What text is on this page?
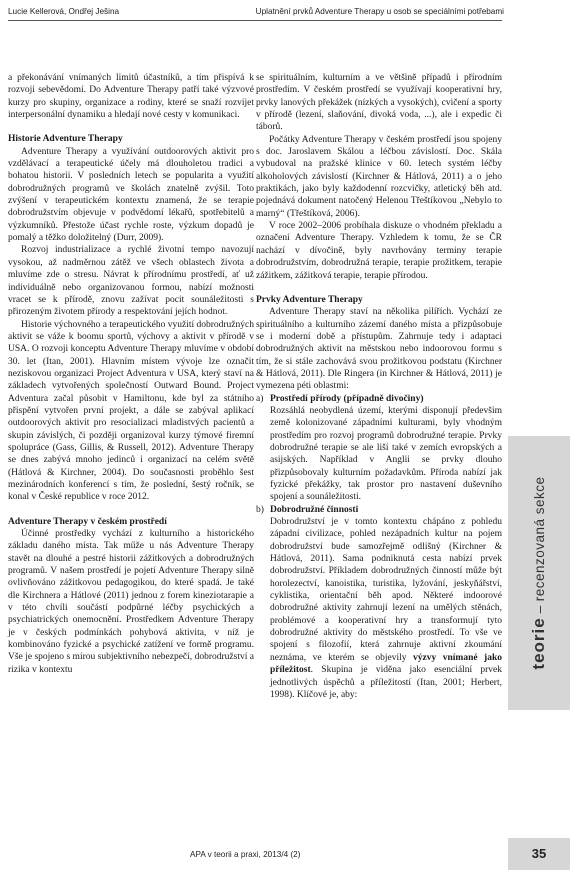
Lucie Kellerová, Ondřej Ješina	Uplatnění prvků Adventure Therapy u osob se speciálními potřebami

a překonávání vnímaných limitů účastníků, a tím přispívá k rozvoji sebevědomí. Do Adventure Therapy patří také výzvové kurzy pro skupiny, organizace a rodiny, které se snaží rozvíjet interpersonální dynamiku a hledají nové cesty v komunikaci.

Historie Adventure Therapy

Adventure Therapy a využívání outdoorových aktivit pro vzdělávací a terapeutické účely má dlouholetou tradici a bohatou historii. V posledních letech se popularita a využití dobrodružných programů ve školách znatelně zvýšil. Toto zvýšení v terapeutickém kontextu znamená, že se terapie dobrodružstvím objevuje v podvědomí lékařů, spotřebitelů a výzkumníků. Přestože účast rychle roste, výzkum dopadů je pomalý a těžko doložitelný (Durr, 2009).

Rozvoj industrializace a rychlé životní tempo navozují vysokou, až nadměrnou zátěž ve všech oblastech života a mluvíme zde o stresu. Návrat k přírodnímu prostředí, ať už individuálně nebo organizovanou formou, nabízí možnosti vracet se k přírodě, znovu zažívat pocit sounáležitosti s přirozeným životem přírody a respektování jejích hodnot.

Historie výchovného a terapeutického využití dobrodružných aktivit se váže k boomu sportů, výchovy a aktivit v přírodě v USA. O rozvoji konceptu Adventure Therapy mluvíme v období 30. let (Itan, 2001). Hlavním místem vývoje lze označit neziskovou organizaci Project Adventura v USA, který staví na základech vytvořených společností Outward Bound. Project Adventura začal působit v Hamiltonu, kde byl za státního přispění vytvořen první projekt, a dále se zabýval aplikací outdoorových aktivit pro resocializaci mladistvých pacientů a skupin závislých, či později organizoval kurzy týmové firemní spolupráce (Gass, Gillis, & Russell, 2012). Adventure Therapy se dnes zabývá mnoho jedinců i organizací na celém světě (Hátlová & Kirchner, 2004). Do současnosti proběhlo šest mezinárodních konferencí s tím, že poslední, šestý ročník, se konal v České republice v roce 2012.

Adventure Therapy v českém prostředí

Účinné prostředky vychází z kulturního a historického základu daného místa. Tak műže u nás Adventure Therapy stavět na dlouhé a pestré historii zážitkových a dobrodružných programů. V našem prostředí je pojetí Adventure Therapy silně ovlivňováno zážitkovou pedagogikou, do které spadá. Je také dle Kirchnera a Hátlové (2011) jednou z forem kineziotarapie a v této chvíli součástí podpůrné léčby psychických a psychiatrických onemocnění. Prostředkem Adventure Therapy je v českých podmínkách pohybová aktivita, v níž je kombinováno fyzické a psychické zatížení ve formě programu. Vše je spojeno s mírou subjektivního nebezpečí, dobrodružství a rizika v kontextu

se spirituálním, kulturním a ve většině případů i přírodním prostředím. V českém prostředí se využívají kooperativní hry, prvky lanových překážek (nízkých a vysokých), cvičení a sporty v přírodě (lezení, slaňování, divoká voda, ...), ale i expedic či táborů.

Počátky Adventure Therapy v českém prostředí jsou spojeny s doc. Jaroslavem Skálou a léčbou závislostí. Doc. Skála vybudoval na pražské klinice v 60. letech systém léčby alkoholových závislostí (Kirchner & Hátlová, 2011) a o jeho praktikách, jako byly každodenní rozcvičky, atletický běh atd. pojednává dokument natočený Helenou Třeštíkovou „Nebylo to marný“ (Třeštíková, 2006).

V roce 2002–2006 probíhala diskuze o vhodném překladu a označení Adventure Therapy. Vzhledem k tomu, že se ČR nachází v dívočině, byly navrhovány terminy terapie dobrodružstvím, dobrodružná terapie, terapie prožitkem, terapie zážitkem, zážitková terapie, terapie přírodou.

Prvky Adventure Therapy

Adventure Therapy staví na několika pilířích. Vychází ze spirituálního a kulturního zázemí daného místa a přizpůsobuje se i moderní době a přístupům. Zahrnuje tedy i adaptaci dobrodružných aktivit na městskou nebo indoorovou formu s tím, že si stále zachovává svou prožitkovou podstatu (Kirchner & Hátlová, 2011). Dle Ringera (in Kirchner & Hátlová, 2011) je vymezena péti oblastmi:

a) Prostředí přírody (případně divočiny)

Rozsáhlá neobydlená území, kterými disponují především země kolonizované západními kulturami, byly vhodným prostředím pro rozvoj programů dobrodružné terapie. Prvky dobrodružné terapie se ale liší také v zemích evropských a asijských. Například v Anglii se prvky dlouho přizpůsobovaly kulturním požadavkům. Příroda nabízí jak fyzické překážky, tak prostor pro nastavení duševního spojení a sounáležitosti.

b) Dobrodružné činnosti

Dobrodružství je v tomto kontextu chápáno z pohledu západní civilizace, pohled nezápadních kultur na pojem dobrodružství bude samozřejmě odlišný (Kirchner & Hátlová, 2011). Sama podniknutá cesta nabízí prvek dobrodružství. Příkladem dobrodružných činností může být horolezectví, kanoistika, turistika, lyžování, jeskyňářství, cyklistika, orientační běh apod. Některé indoorové dobrodružné aktivity zahrnují lezení na umělých stěnách, problémové a kooperativní hry a transformují tyto dobrodružné aktivity do městského prostředí. To vše ve spojení s filozofií, která zahrnuje aktivní zkoumání neznáma, ve kterém se objevily výzvy vnímané jako příležitost. Skupina je viděna jako esenciální prvek jednotlivých úspěchů a příležitostí (Itan, 2001; Herbert, 1998). Klíčové je, aby:

teorie–recenzovaná sekce
APA v teorii a praxi, 2013/4 (2)	35
